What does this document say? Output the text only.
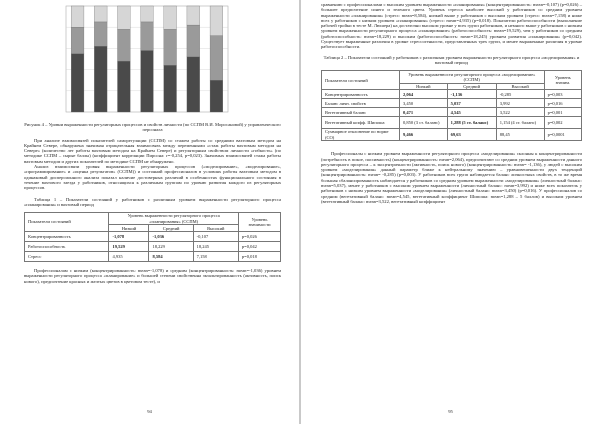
Рисунок 4 – Уровни выраженности регуляторных процессов и свойств личности (по ССПМ В.И. Моросановой) у управленческого персонала

При анализе взаимосвязей показателей саморегуляции (ССПМ) со стажем работы со средними вахтовым методом на Крайнем Севере, обнаружена значимая отрицательная взаимосвязь между переменными «стаж работы вахтовым методом на Севере» (количество лет работы вахтовым методом на Крайнем Севере) и регуляторным свойством личности «гибкость» (по методике ССПМ – сырые баллы) (коэффициент корреляции Пирсона: r=-0,254, p=0,023). Значимых взаимосвязей стажа работы вахтовым методом и других показателей по методике ССПМ не обнаружено.

Анализ взаимосвязи уровня выраженности регуляторных процессов («моделирование», «моделирование», «программирование» и «оценка результатов» (ССПМ)) и состояний профессионалов в условиях работы вахтовым методом в одинаковый дисперсионного анализа показал наличие достоверных различий в особенностях функционального состояния в течение вахтового заезда у работников, относящихся к различным группам по уровню развития каждого из регуляторных процессов.

Таблица 1 – Показатели состояний у работников с различным уровнем выраженности регуляторного процесса «планирования» и вахтовый период

Показатели состояний	Уровень выраженности регуляторного процесса «планирования» (ССПМ)			Уровень значимости
	Низкий	Средний	Высокий	
Концентрированность	-1,078	-1,036	-0,107	p=0,026
Работоспособность	19,529	18,229	18,245	p=0,042
Стресс	4,935	8,584	7,158	p=0,018

Профессионалам с низким (концентрированность: mean=-1,078) и средним (концентрированность: mean=-1,036) уровнем выраженности регуляторного процесса «планирование» и большей степени свойственна экзальтированность (активность, поиск нового), предпочтение красных и желтых цветов в цветовом тесте), и

94

сравнению с профессионалами с высоким уровнем выраженности «планирования» (концентрированность: mean=-0,107) (p=0,026) – большее предпочтение синего и зеленого цвета. Уровень стресса наиболее высокий у работников со средним уровнем выраженности «планирования» (стресс: mean=8,584), низкий выше у работников с высоким уровнем (стресс: mean=7,158) и ниже всех у работников с низким уровнем «планирования» (стресс: mean=4,935) (p=0,018). Показатели работоспособности (выполнение рабочей тройки в тесте М. Люшера) на достаточно высоком уровне у всех групп работников, и немного выше у работников с низким уровнем выраженности регуляторного процесса «планирование» (работоспособность: mean=19,529), чем у работников со средним (работоспособность: mean=18,229) и высоким (работоспособность: mean=18,245) уровнем развития «планирования» (p=0,042). Существует выраженные различия в уровне стрессогенности, представленных трех групп, и менее выраженные различия в уровне работоспособности.

Таблица 2 – Показатели состояний у работников с различным уровнем выраженности регуляторного процесса «моделирования» и вахтовый период

Показатели состояний	Уровень выраженности регуляторного процесса «моделирование» (ССПМ)			Уровень значим.
	Низкий	Средний	Высокий	
Концентрированность	2,064	-1,136	-0,285	p=0,003
Баланс личн. свойств	3,450	5,037	3,992	p=0,016
Вегетативный баланс	0,471	4,545	3,522	p=0,001
Вегетативный коэфф. Шипоша	0,850 (3 ст. баланс)	1,288 (5 ст. баланс)	1,154 (4 ст. баланс)	p=0,002
Суммарное отклонение по норме (СО)	9,466	69,63	88,45	p=0,0001

Профессионалы с низким уровнем выраженности регуляторного процесса «моделирования» склонны к концентрированности (потребность в покое, пассивность) (концентрированность: mean=2,064), предпочитают со средним уровнем выраженности данного регуляторного процесса – к эксцентричности (активность, поиск нового) (концентрированность: mean= -1,136), у людей с высоким уровнем «моделирования» данный параметр ближе к нейтральному значению – уравновешенности двух тенденций (концентрированность: mean= -0,285) (p=0,003). У работников всех групп наблюдается баланс личностных свойств, в то же время большая сбалансированность наблюдается у работников со средним уровнем выраженности «моделирования» (личностный баланс: mean=5,037), менее у работников с высоким уровнем выраженности (личностный баланс: mean=3,992) и ниже всех показатель у работников с низким уровнем выраженности «моделирования» (личностный баланс: mean=3,450) (p=0,016). У профессионалов со средним (вегетативный баланс: mean=4,545, вегетативный коэффициент Шипоша: mean=1,288 – 5 баллов) и высоким уровнем (вегетативный баланс: mean=3,522, вегетативный коэффициент

95
